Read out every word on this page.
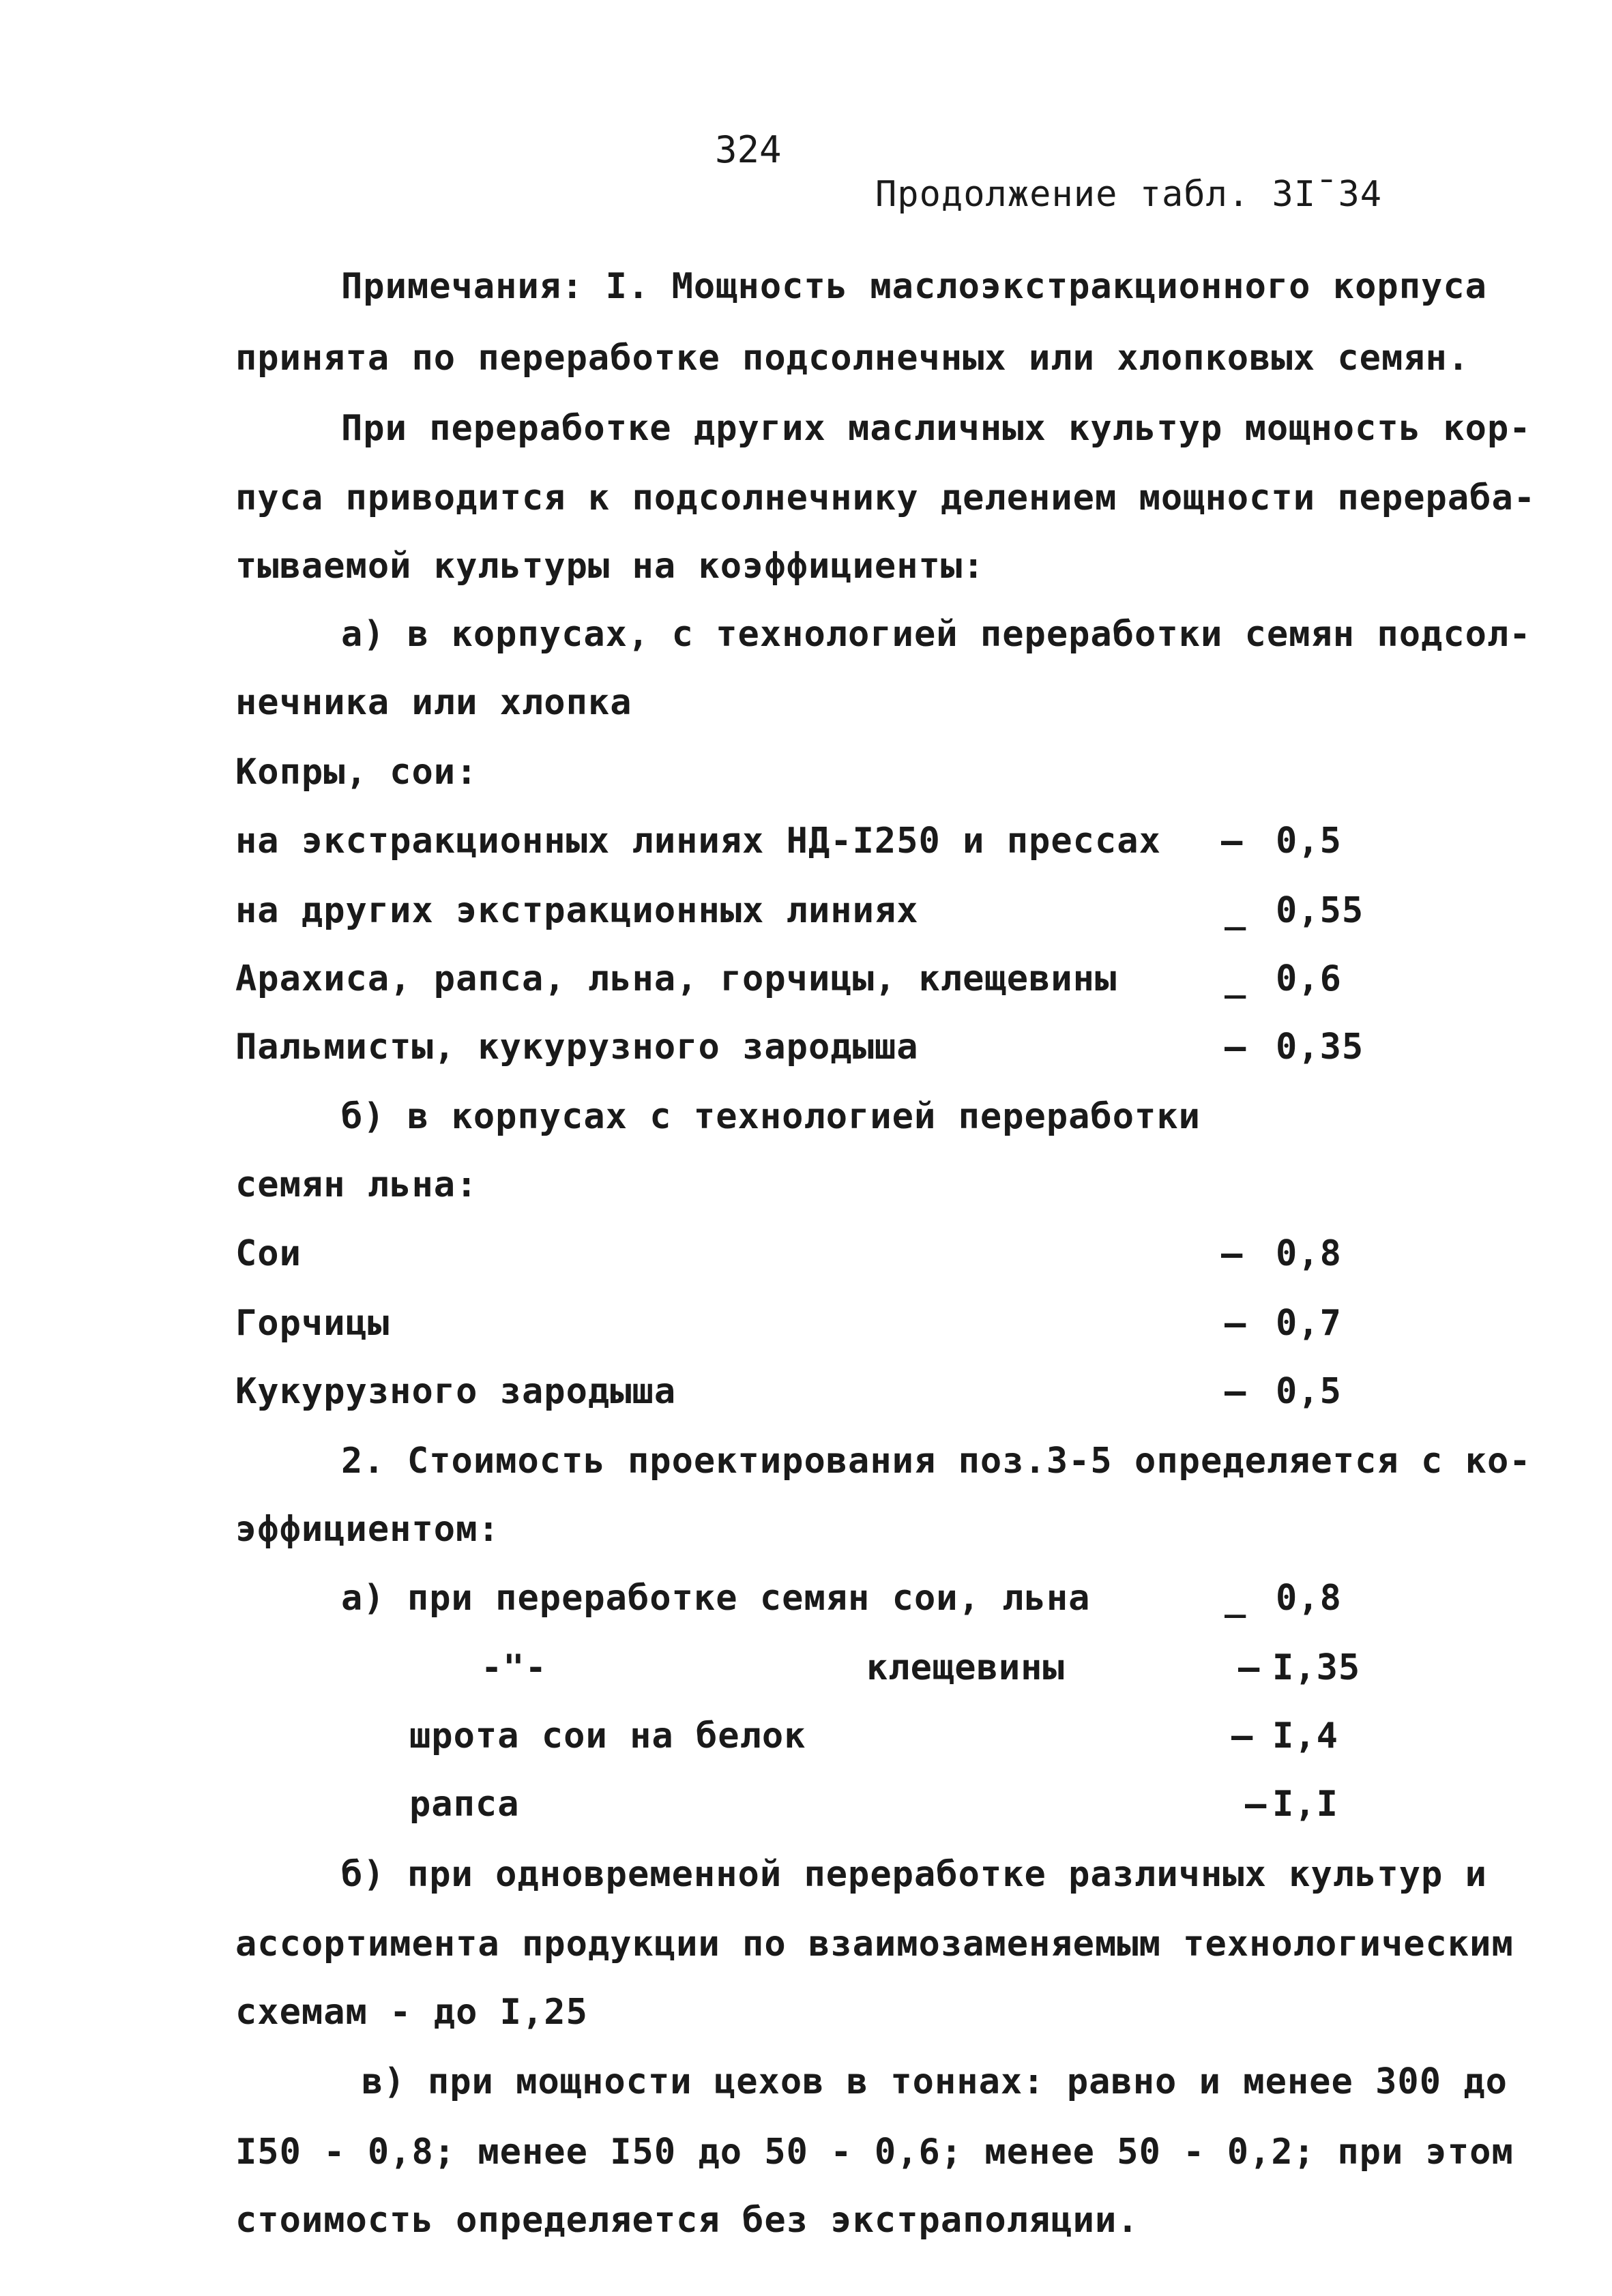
324
Продолжение табл. 3I¯34
Примечания: I. Мощность маслоэкстракционного корпуса
принята по переработке подсолнечных или хлопковых семян.
При переработке других масличных культур мощность кор-
пуса приводится к подсолнечнику делением мощности перераба-
тываемой культуры на коэффициенты:
а) в корпусах, с технологией переработки семян подсол-
нечника или хлопка
Копры, сои:
на экстракционных линиях НД-I250 и прессах – 0,5
на других экстракционных линиях	_ 0,55
Арахиса, рапса, льна, горчицы, клещевины	_ 0,6
Пальмисты, кукурузного зародыша	— 0,35
б) в корпусах с технологией переработки
семян льна:
Сои	– 0,8
Горчицы	— 0,7
Кукурузного зародыша	— 0,5
2. Стоимость проектирования поз.3-5 определяется с ко-
эффициентом:
а) при переработке семян сои, льна	_ 0,8
-"-	клещевины	– I,35
шрота сои на белок	– I,4
рапса	– I,I
б) при одновременной переработке различных культур и
ассортимента продукции по взаимозаменяемым технологическим
схемам - до I,25
в) при мощности цехов в тоннах: равно и менее 300 до
I50 - 0,8; менее I50 до 50 - 0,6; менее 50 - 0,2; при этом
стоимость определяется без экстраполяции.
